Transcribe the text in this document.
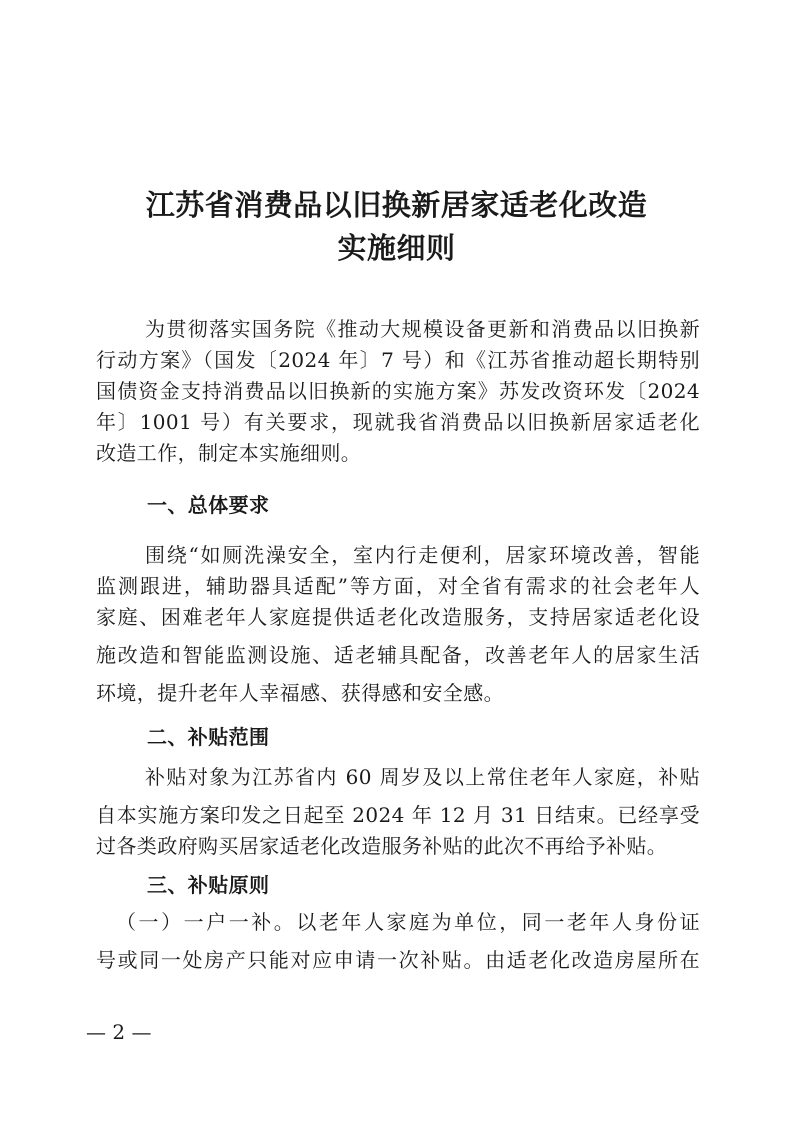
江苏省消费品以旧换新居家适老化改造
实施细则
为贯彻落实国务院《推动大规模设备更新和消费品以旧换新
行动方案》（国发〔2024 年〕7 号）和《江苏省推动超长期特别
国债资金支持消费品以旧换新的实施方案》苏发改资环发〔2024
年〕1001 号）有关要求，现就我省消费品以旧换新居家适老化
改造工作，制定本实施细则。
一、总体要求
围绕“如厕洗澡安全，室内行走便利，居家环境改善，智能
监测跟进，辅助器具适配”等方面，对全省有需求的社会老年人
家庭、困难老年人家庭提供适老化改造服务，支持居家适老化设
施改造和智能监测设施、适老辅具配备，改善老年人的居家生活
环境，提升老年人幸福感、获得感和安全感。
二、补贴范围
补贴对象为江苏省内 60 周岁及以上常住老年人家庭，补贴
自本实施方案印发之日起至 2024 年 12 月 31 日结束。已经享受
过各类政府购买居家适老化改造服务补贴的此次不再给予补贴。
三、补贴原则
（一）一户一补。以老年人家庭为单位，同一老年人身份证
号或同一处房产只能对应申请一次补贴。由适老化改造房屋所在
— 2 —
